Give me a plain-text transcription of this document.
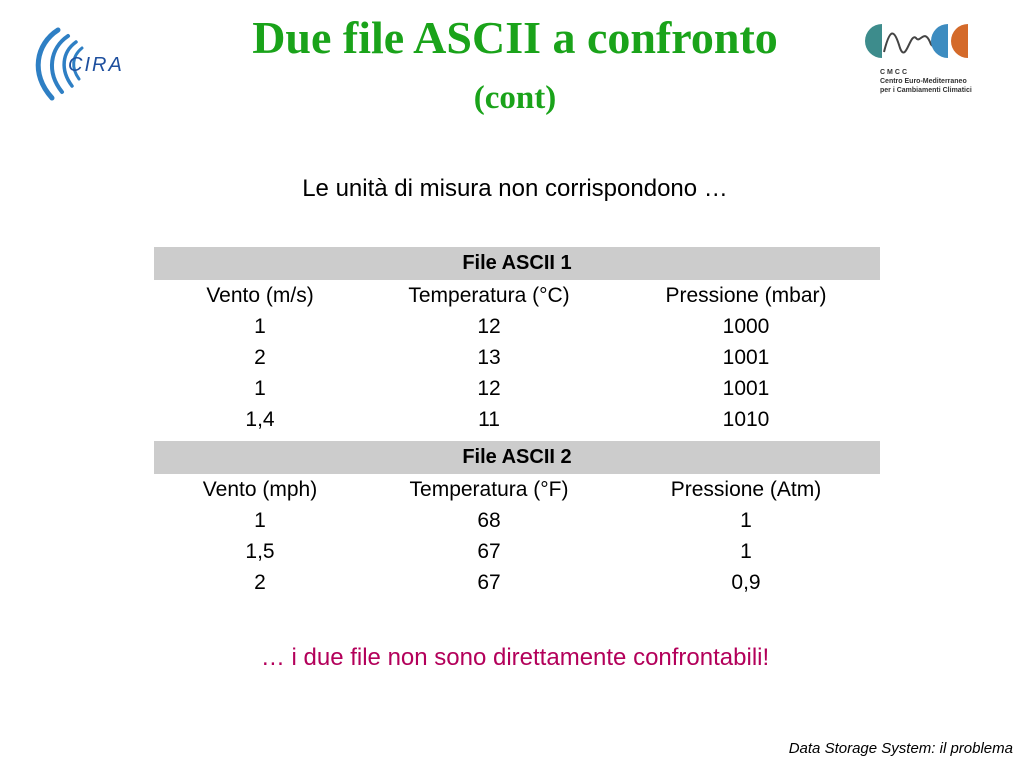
CIRA	CMCC
Centro Euro-Mediterraneo
per i Cambiamenti Climatici
Due file ASCII a confronto
(cont)
Le unità di misura non corrispondono …
File ASCII 1
Vento (m/s)	Temperatura (°C)	Pressione (mbar)
1	12	1000
2	13	1001
1	12	1001
1,4	11	1010
File ASCII 2
Vento (mph)	Temperatura (°F)	Pressione (Atm)
1	68	1
1,5	67	1
2	67	0,9
… i due file non sono direttamente confrontabili!
Data Storage System: il problema
